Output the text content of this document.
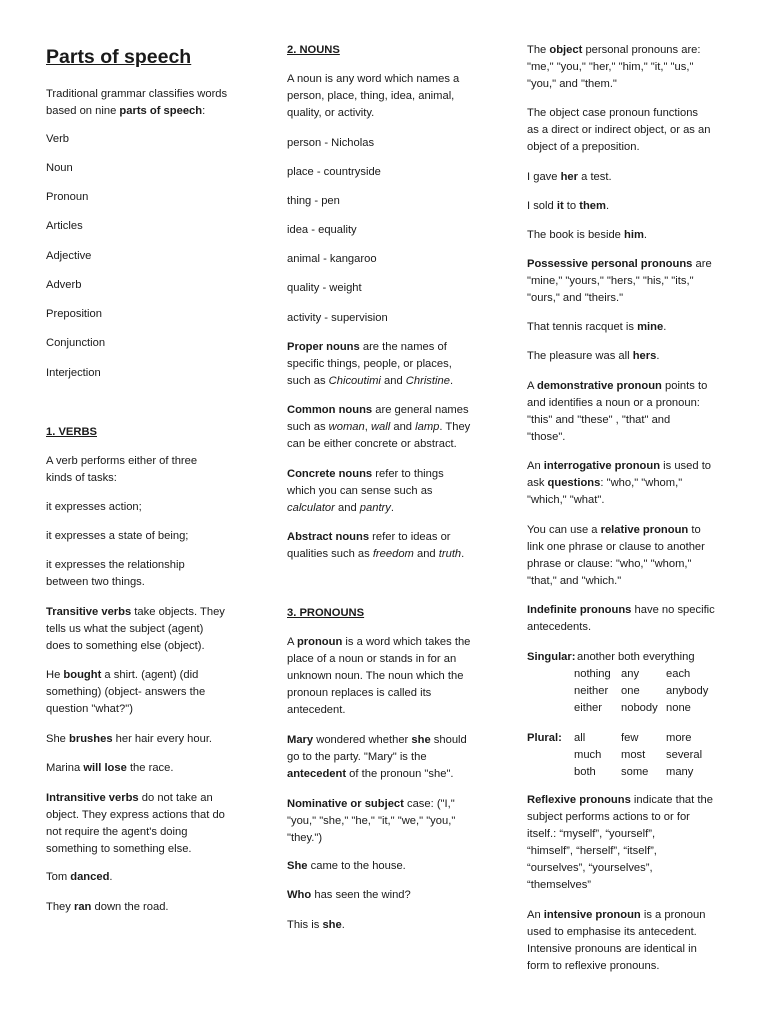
Parts of speech

Traditional grammar classifies words
based on nine parts of speech:

Verb

Noun

Pronoun

Articles

Adjective

Adverb

Preposition

Conjunction

Interjection

1. VERBS

A verb performs either of three
kinds of tasks:

it expresses action;

it expresses a state of being;

it expresses the relationship
between two things.

Transitive verbs take objects. They
tells us what the subject (agent)
does to something else (object).

He bought a shirt. (agent) (did
something) (object- answers the
question "what?")

She brushes her hair every hour.

Marina will lose the race.

Intransitive verbs do not take an
object. They express actions that do
not require the agent's doing
something to something else.

Tom danced.

They ran down the road.

2. NOUNS

A noun is any word which names a
person, place, thing, idea, animal,
quality, or activity.

person - Nicholas

place - countryside

thing - pen

idea - equality

animal - kangaroo

quality - weight

activity - supervision

Proper nouns are the names of
specific things, people, or places,
such as Chicoutimi and Christine.

Common nouns are general names
such as woman, wall and lamp. They
can be either concrete or abstract.

Concrete nouns refer to things
which you can sense such as
calculator and pantry.

Abstract nouns refer to ideas or
qualities such as freedom and truth.

3. PRONOUNS

A pronoun is a word which takes the
place of a noun or stands in for an
unknown noun. The noun which the
pronoun replaces is called its
antecedent.

Mary wondered whether she should
go to the party. "Mary" is the
antecedent of the pronoun "she".

Nominative or subject case: ("I,"
"you," "she," "he," "it," "we," "you,"
"they.")

She came to the house.

Who has seen the wind?

This is she.

The object personal pronouns are:
"me," "you," "her," "him," "it," "us,"
"you," and "them."

The object case pronoun functions
as a direct or indirect object, or as an
object of a preposition.

I gave her a test.

I sold it to them.

The book is beside him.

Possessive personal pronouns are
"mine," "yours," "hers," "his," "its,"
"ours," and "theirs."

That tennis racquet is mine.

The pleasure was all hers.

A demonstrative pronoun points to
and identifies a noun or a pronoun:
"this" and "these" , "that" and
"those".

An interrogative pronoun is used to
ask questions: "who," "whom,"
"which," "what".

You can use a relative pronoun to
link one phrase or clause to another
phrase or clause: "who," "whom,"
"that," and "which."

Indefinite pronouns have no specific
antecedents.

Singular: another both everything
nothing any each
neither one anybody
either nobody none
Plural: all	few more
much most several
both some many

Reflexive pronouns indicate that the
subject performs actions to or for
itself.: “myself”, “yourself”,
“himself”, “herself”, “itself”,
“ourselves”, “yourselves”,
“themselves”

An intensive pronoun is a pronoun
used to emphasise its antecedent.
Intensive pronouns are identical in
form to reflexive pronouns.
